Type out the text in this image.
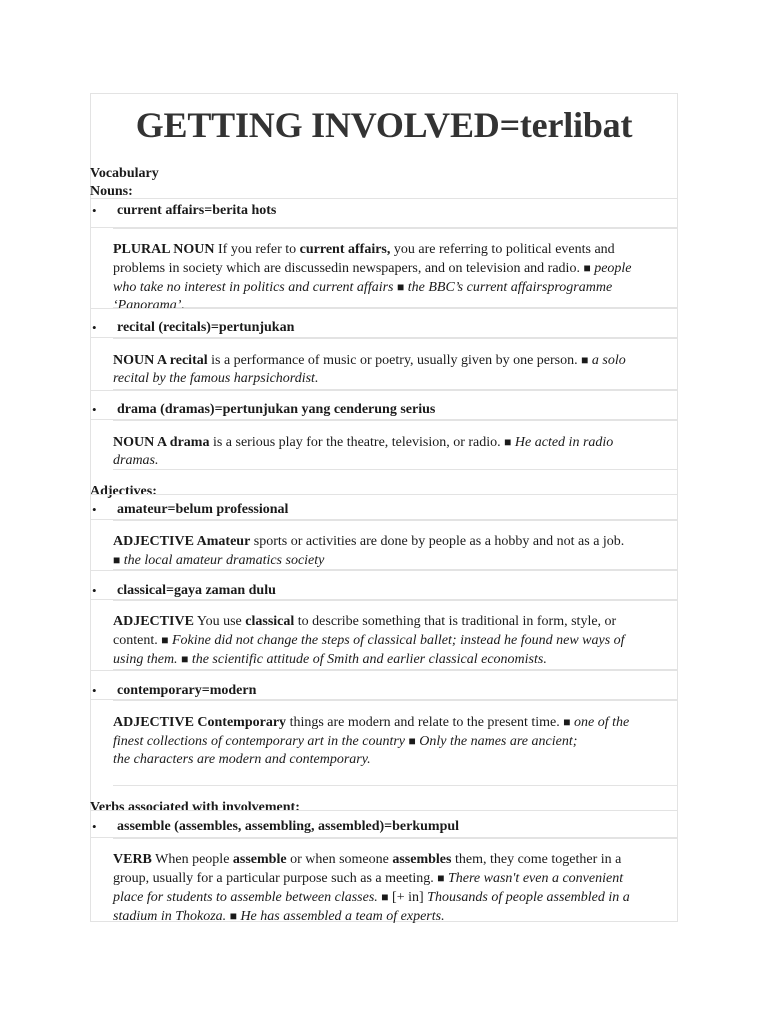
GETTING INVOLVED=terlibat
Vocabulary
Nouns:
• current affairs=berita hots
PLURAL NOUN If you refer to current affairs, you are referring to political events and
problems in society which are discussedin newspapers, and on television and radio. ■ people
who take no interest in politics and current affairs ■ the BBC’s current affairsprogramme
‘Panorama’.
• recital (recitals)=pertunjukan
NOUN A recital is a performance of music or poetry, usually given by one person. ■ a solo
recital by the famous harpsichordist.
• drama (dramas)=pertunjukan yang cenderung serius
NOUN A drama is a serious play for the theatre, television, or radio. ■ He acted in radio
dramas.
Adjectives:
• amateur=belum professional
ADJECTIVE Amateur sports or activities are done by people as a hobby and not as a job.
■ the local amateur dramatics society
• classical=gaya zaman dulu
ADJECTIVE You use classical to describe something that is traditional in form, style, or
content. ■ Fokine did not change the steps of classical ballet; instead he found new ways of
using them. ■ the scientific attitude of Smith and earlier classical economists.
• contemporary=modern
ADJECTIVE Contemporary things are modern and relate to the present time. ■ one of the
finest collections of contemporary art in the country ■ Only the names are ancient;
the characters are modern and contemporary.
Verbs associated with involvement:
• assemble (assembles, assembling, assembled)=berkumpul
VERB When people assemble or when someone assembles them, they come together in a
group, usually for a particular purpose such as a meeting. ■ There wasn't even a convenient
place for students to assemble between classes. ■ [+ in] Thousands of people assembled in a
stadium in Thokoza. ■ He has assembled a team of experts.
